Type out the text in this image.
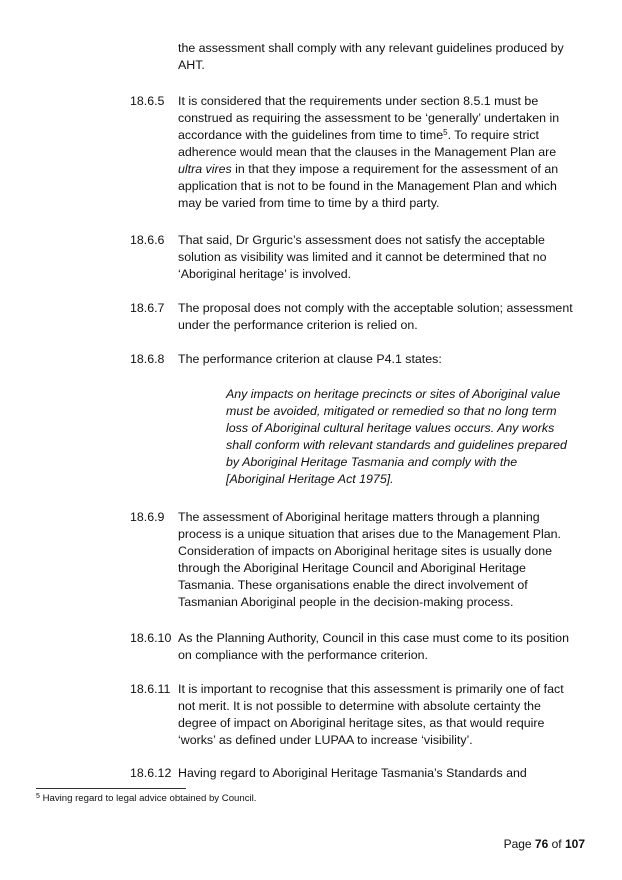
the assessment shall comply with any relevant guidelines produced by AHT.
18.6.5	It is considered that the requirements under section 8.5.1 must be construed as requiring the assessment to be ‘generally’ undertaken in accordance with the guidelines from time to time$^5$. To require strict adherence would mean that the clauses in the Management Plan are ultra vires in that they impose a requirement for the assessment of an application that is not to be found in the Management Plan and which may be varied from time to time by a third party.
18.6.6	That said, Dr Grguric’s assessment does not satisfy the acceptable solution as visibility was limited and it cannot be determined that no ‘Aboriginal heritage’ is involved.
18.6.7	The proposal does not comply with the acceptable solution; assessment under the performance criterion is relied on.
18.6.8	The performance criterion at clause P4.1 states:
Any impacts on heritage precincts or sites of Aboriginal value must be avoided, mitigated or remedied so that no long term loss of Aboriginal cultural heritage values occurs. Any works shall conform with relevant standards and guidelines prepared by Aboriginal Heritage Tasmania and comply with the [Aboriginal Heritage Act 1975].
18.6.9	The assessment of Aboriginal heritage matters through a planning process is a unique situation that arises due to the Management Plan. Consideration of impacts on Aboriginal heritage sites is usually done through the Aboriginal Heritage Council and Aboriginal Heritage Tasmania. These organisations enable the direct involvement of Tasmanian Aboriginal people in the decision-making process.
18.6.10 As the Planning Authority, Council in this case must come to its position on compliance with the performance criterion.
18.6.11 It is important to recognise that this assessment is primarily one of fact not merit. It is not possible to determine with absolute certainty the degree of impact on Aboriginal heritage sites, as that would require ‘works’ as defined under LUPAA to increase ‘visibility’.
18.6.12 Having regard to Aboriginal Heritage Tasmania’s Standards and
$^5$ Having regard to legal advice obtained by Council.
Page 76 of 107
